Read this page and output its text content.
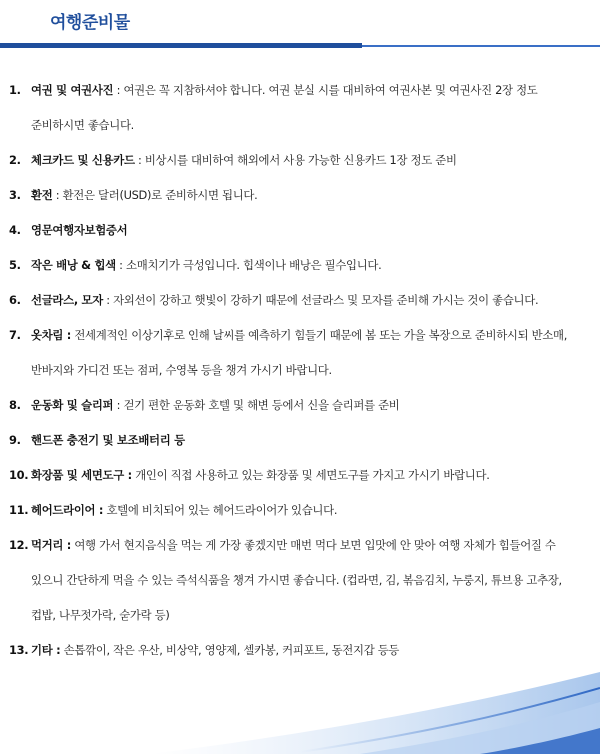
여행준비물
1. 여권 및 여권사진 : 여권은 꼭 지참하셔야 합니다. 여권 분실 시를 대비하여 여권사본 및 여권사진 2장 정도 준비하시면 좋습니다.
2. 체크카드 및 신용카드 : 비상시를 대비하여 해외에서 사용 가능한 신용카드 1장 정도 준비
3. 환전 : 환전은 달러(USD)로 준비하시면 됩니다.
4. 영문여행자보험증서
5. 작은 배낭 & 힙색 : 소매치기가 극성입니다. 힙색이나 배낭은 필수입니다.
6. 선글라스, 모자 : 자외선이 강하고 햇빛이 강하기 때문에 선글라스 및 모자를 준비해 가시는 것이 좋습니다.
7. 옷차림 : 전세계적인 이상기후로 인해 날씨를 예측하기 힘들기 때문에 봄 또는 가을 복장으로 준비하시되 반소매, 반바지와 가디건 또는 점퍼, 수영복 등을 챙겨 가시기 바랍니다.
8. 운동화 및 슬리퍼 : 걷기 편한 운동화 호텔 및 해변 등에서 신을 슬리퍼를 준비
9. 핸드폰 충전기 및 보조배터리 등
10. 화장품 및 세면도구 : 개인이 직접 사용하고 있는 화장품 및 세면도구를 가지고 가시기 바랍니다.
11. 헤어드라이어 : 호텔에 비치되어 있는 헤어드라이어가 있습니다.
12. 먹거리 : 여행 가서 현지음식을 먹는 게 가장 좋겠지만 매번 먹다 보면 입맛에 안 맞아 여행 자체가 힘들어질 수 있으니 간단하게 먹을 수 있는 즉석식품을 챙겨 가시면 좋습니다. (컵라면, 김, 볶음김치, 누룽지, 튜브용 고추장, 컵밥, 나무젓가락, 숟가락 등)
13. 기타 : 손톱깎이, 작은 우산, 비상약, 영양제, 셀카봉, 커피포트, 동전지갑 등등
